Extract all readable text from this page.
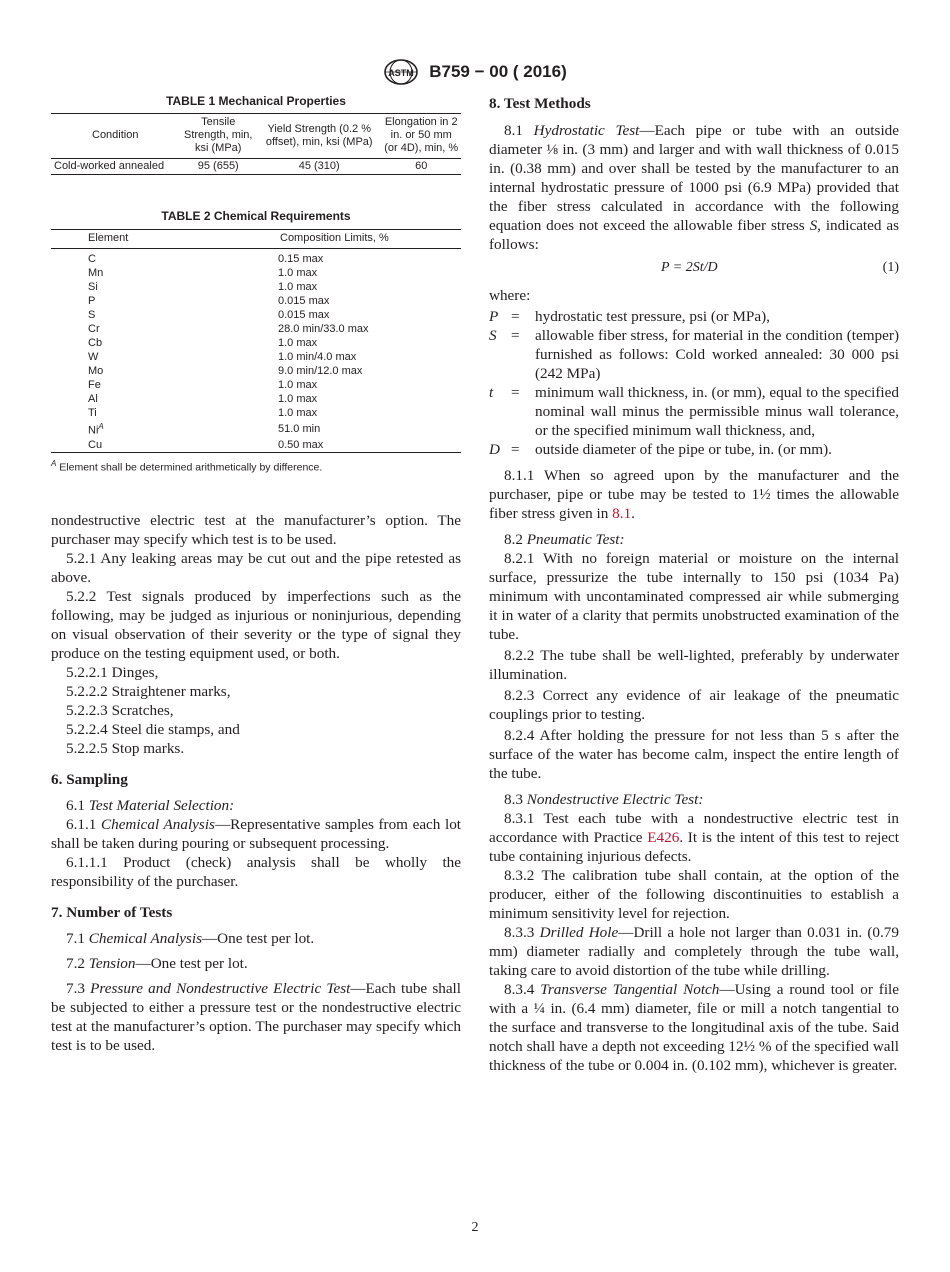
ASTM B759 − 00 ( 2016)
TABLE 1 Mechanical Properties
Condition	Tensile Strength, min, ksi (MPa)	Yield Strength (0.2 % offset), min, ksi (MPa)	Elongation in 2 in. or 50 mm (or 4D), min, %
Cold-worked annealed	95 (655)	45 (310)	60
TABLE 2 Chemical Requirements
Element	Composition Limits, %
C	0.15 max
Mn	1.0 max
Si	1.0 max
P	0.015 max
S	0.015 max
Cr	28.0 min/33.0 max
Cb	1.0 max
W	1.0 min/4.0 max
Mo	9.0 min/12.0 max
Fe	1.0 max
Al	1.0 max
Ti	1.0 max
$Ni^A$	51.0 min
Cu	0.50 max
$^A$ Element shall be determined arithmetically by difference.

nondestructive electric test at the manufacturer’s option. The purchaser may specify which test is to be used.

5.2.1 Any leaking areas may be cut out and the pipe retested as above.

5.2.2 Test signals produced by imperfections such as the following, may be judged as injurious or noninjurious, depending on visual observation of their severity or the type of signal they produce on the testing equipment used, or both.

5.2.2.1 Dinges,

5.2.2.2 Straightener marks,

5.2.2.3 Scratches,

5.2.2.4 Steel die stamps, and

5.2.2.5 Stop marks.

6. Sampling

6.1 Test Material Selection:

6.1.1 Chemical Analysis—Representative samples from each lot shall be taken during pouring or subsequent processing.

6.1.1.1 Product (check) analysis shall be wholly the responsibility of the purchaser.

7. Number of Tests

7.1 Chemical Analysis—One test per lot.

7.2 Tension—One test per lot.

7.3 Pressure and Nondestructive Electric Test—Each tube shall be subjected to either a pressure test or the nondestructive electric test at the manufacturer’s option. The purchaser may specify which test is to be used.

8. Test Methods

8.1 Hydrostatic Test—Each pipe or tube with an outside diameter ⅛ in. (3 mm) and larger and with wall thickness of 0.015 in. (0.38 mm) and over shall be tested by the manufacturer to an internal hydrostatic pressure of 1000 psi (6.9 MPa) provided that the fiber stress calculated in accordance with the following equation does not exceed the allowable fiber stress S, indicated as follows:

P = 2St/D	(1)

where:

P =	hydrostatic test pressure, psi (or MPa),
S =	allowable fiber stress, for material in the condition (temper) furnished as follows: Cold worked annealed: 30 000 psi (242 MPa)
t	=	minimum wall thickness, in. (or mm), equal to the specified nominal wall minus the permissible minus wall tolerance, or the specified minimum wall thickness, and,
D =	outside diameter of the pipe or tube, in. (or mm).

8.1.1 When so agreed upon by the manufacturer and the purchaser, pipe or tube may be tested to 1½ times the allowable fiber stress given in 8.1.

8.2 Pneumatic Test:

8.2.1 With no foreign material or moisture on the internal surface, pressurize the tube internally to 150 psi (1034 Pa) minimum with uncontaminated compressed air while submerging it in water of a clarity that permits unobstructed examination of the tube.

8.2.2 The tube shall be well-lighted, preferably by underwater illumination.

8.2.3 Correct any evidence of air leakage of the pneumatic couplings prior to testing.

8.2.4 After holding the pressure for not less than 5 s after the surface of the water has become calm, inspect the entire length of the tube.

8.3 Nondestructive Electric Test:

8.3.1 Test each tube with a nondestructive electric test in accordance with Practice E426. It is the intent of this test to reject tube containing injurious defects.

8.3.2 The calibration tube shall contain, at the option of the producer, either of the following discontinuities to establish a minimum sensitivity level for rejection.

8.3.3 Drilled Hole—Drill a hole not larger than 0.031 in. (0.79 mm) diameter radially and completely through the tube wall, taking care to avoid distortion of the tube while drilling.

8.3.4 Transverse Tangential Notch—Using a round tool or file with a ¼ in. (6.4 mm) diameter, file or mill a notch tangential to the surface and transverse to the longitudinal axis of the tube. Said notch shall have a depth not exceeding 12½ % of the specified wall thickness of the tube or 0.004 in. (0.102 mm), whichever is greater.

2
